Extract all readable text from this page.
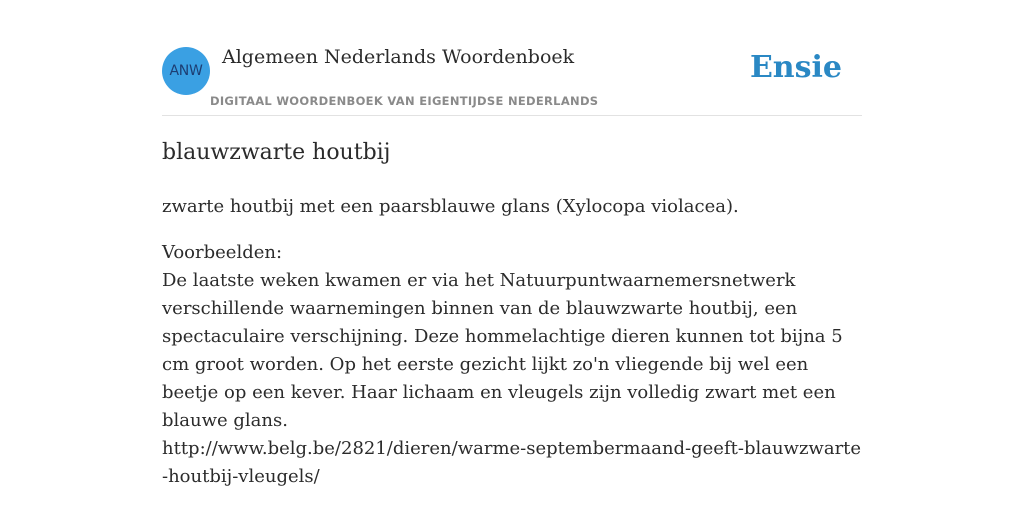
ANW
Algemeen Nederlands Woordenboek
DIGITAAL WOORDENBOEK VAN EIGENTIJDSE NEDERLANDS
Ensie
blauwzwarte houtbij

zwarte houtbij met een paarsblauwe glans (Xylocopa violacea).

Voorbeelden:

De laatste weken kwamen er via het Natuurpuntwaarnemersnetwerk verschillende waarnemingen binnen van de blauwzwarte houtbij, een spectaculaire verschijning. Deze hommelachtige dieren kunnen tot bijna 5 cm groot worden. Op het eerste gezicht lijkt zo'n vliegende bij wel een beetje op een kever. Haar lichaam en vleugels zijn volledig zwart met een blauwe glans.

http://www.belg.be/2821/dieren/warme-septembermaand-geeft-blauwzwarte-houtbij-vleugels/
